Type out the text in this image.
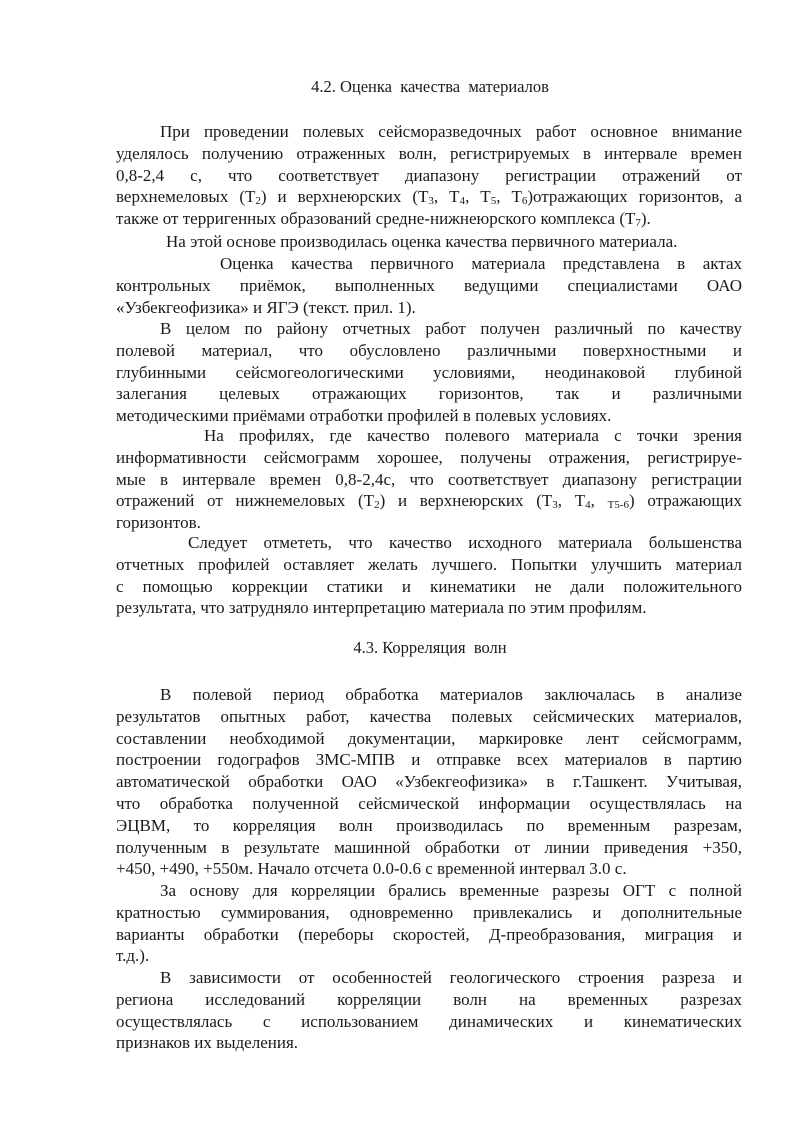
4.2. Оценка  качества  материалов
При проведении полевых сейсморазведочных работ основное внимание
уделялось получению отраженных волн, регистрируемых в интервале времен
0,8-2,4 с, что соответствует диапазону регистрации отражений от
верхнемеловых $(Т_2)$ и верхнеюрских ($Т_3$, $Т_4$, $Т_5$, $Т_6)отражающих$ горизонтов, а
также от терригенных образований средне-нижнеюрского комплекса $(Т_7)$.
На этой основе производилась оценка качества первичного материала.
Оценка качества первичного материала представлена в актах
контрольных приёмок, выполненных ведущими специалистами ОАО
«Узбекгеофизика» и ЯГЭ (текст. прил. 1).
В целом по району отчетных работ получен различный по качеству
полевой материал, что обусловлено различными поверхностными и
глубинными сейсмогеологическими условиями, неодинаковой глубиной
залегания целевых отражающих горизонтов, так и различными
методическими приёмами отработки профилей в полевых условиях.
На профилях, где качество полевого материала с точки зрения
информативности сейсмограмм хорошее, получены отражения, регистрируе-
мые в интервале времен 0,8-2,4с, что соответствует диапазону регистрации
отражений от нижнемеловых $(Т_2)$ и верхнеюрских ($Т_3$, $Т_4$, $_{Т5-6}$) отражающих
горизонтов.
Следует отмететь, что качество исходного материала большенства
отчетных профилей оставляет желать лучшего. Попытки улучшить материал
с помощью коррекции статики и кинематики не дали положительного
результата, что затрудняло интерпретацию материала по этим профилям.
4.3. Корреляция  волн
В полевой период обработка материалов заключалась в анализе
результатов опытных работ, качества полевых сейсмических материалов,
составлении необходимой документации, маркировке лент сейсмограмм,
построении годографов ЗМС-МПВ и отправке всех материалов в партию
автоматической обработки ОАО «Узбекгеофизика» в г.Ташкент. Учитывая,
что обработка полученной сейсмической информации осуществлялась на
ЭЦВМ, то корреляция волн производилась по временным разрезам,
полученным в результате машинной обработки от линии приведения +350,
+450, +490, +550м. Начало отсчета 0.0-0.6 с временной интервал 3.0 с.
За основу для корреляции брались временные разрезы ОГТ с полной
кратностью суммирования, одновременно привлекались и дополнительные
варианты обработки (переборы скоростей, Д-преобразования, миграция и
т.д.).
В зависимости от особенностей геологического строения разреза и
региона исследований корреляции волн на временных разрезах
осуществлялась с использованием динамических и кинематических
признаков их выделения.
